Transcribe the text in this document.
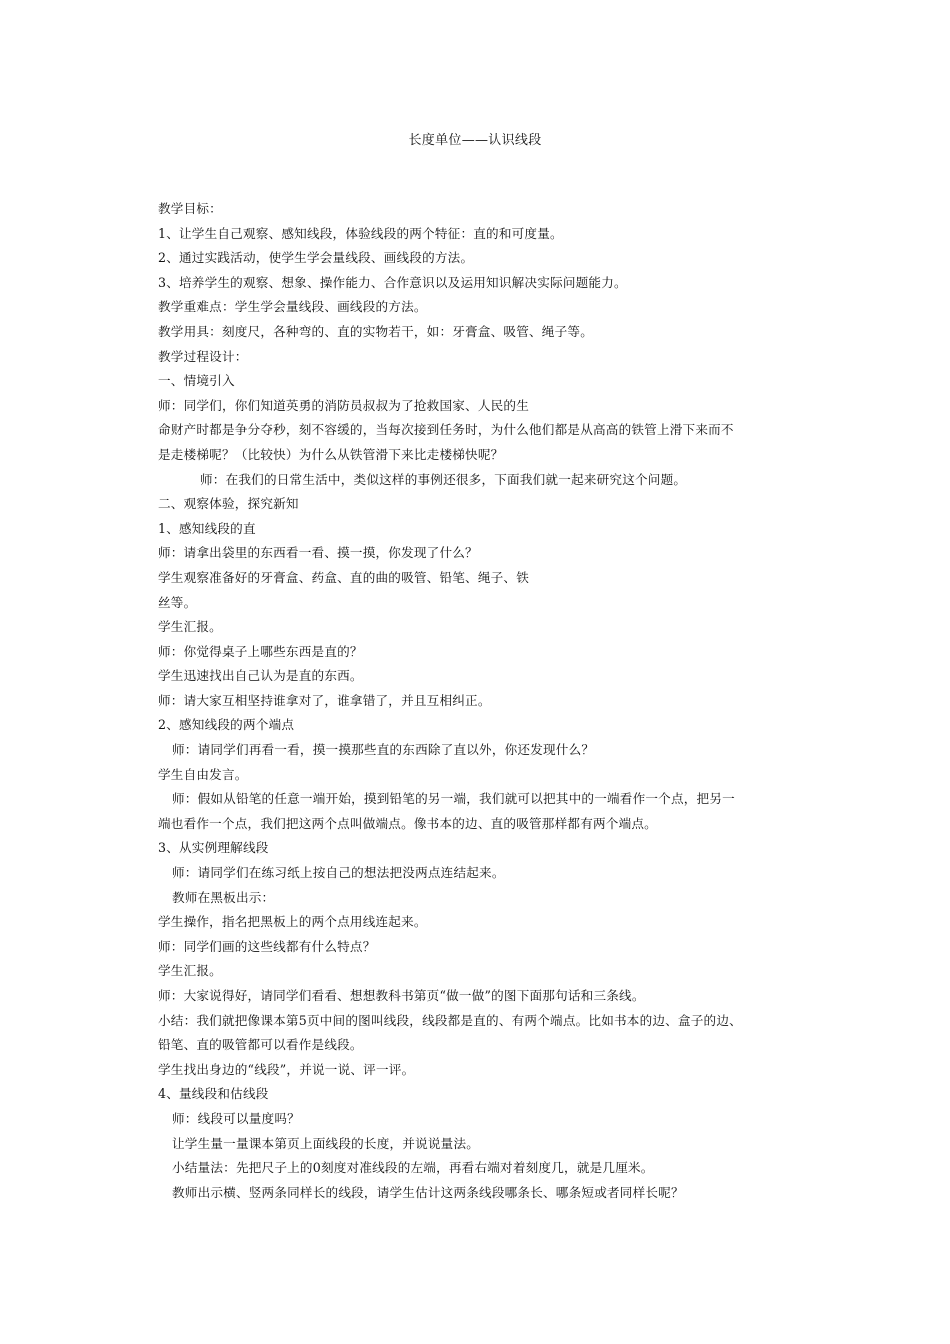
长度单位——认识线段
教学目标：
1、让学生自己观察、感知线段，体验线段的两个特征：直的和可度量。
2、通过实践活动，使学生学会量线段、画线段的方法。
3、培养学生的观察、想象、操作能力、合作意识以及运用知识解决实际问题能力。
教学重难点：学生学会量线段、画线段的方法。
教学用具：刻度尺，各种弯的、直的实物若干，如：牙膏盒、吸管、绳子等。
教学过程设计：
一、情境引入
师：同学们，你们知道英勇的消防员叔叔为了抢救国家、人民的生
命财产时都是争分夺秒，刻不容缓的，当每次接到任务时，为什么他们都是从高高的铁管上滑下来而不
是走楼梯呢？（比较快）为什么从铁管滑下来比走楼梯快呢？
师：在我们的日常生活中，类似这样的事例还很多，下面我们就一起来研究这个问题。
二、观察体验，探究新知
1、感知线段的直
师：请拿出袋里的东西看一看、摸一摸，你发现了什么？
学生观察准备好的牙膏盒、药盒、直的曲的吸管、铅笔、绳子、铁
丝等。
学生汇报。
师：你觉得桌子上哪些东西是直的？
学生迅速找出自己认为是直的东西。
师：请大家互相坚持谁拿对了，谁拿错了，并且互相纠正。
2、感知线段的两个端点
师：请同学们再看一看，摸一摸那些直的东西除了直以外，你还发现什么？
学生自由发言。
师：假如从铅笔的任意一端开始，摸到铅笔的另一端，我们就可以把其中的一端看作一个点，把另一
端也看作一个点，我们把这两个点叫做端点。像书本的边、直的吸管那样都有两个端点。
3、从实例理解线段
师：请同学们在练习纸上按自己的想法把没两点连结起来。
教师在黑板出示：
学生操作，指名把黑板上的两个点用线连起来。
师：同学们画的这些线都有什么特点？
学生汇报。
师：大家说得好，请同学们看看、想想教科书第页“做一做”的图下面那句话和三条线。
小结：我们就把像课本第5页中间的图叫线段，线段都是直的、有两个端点。比如书本的边、盒子的边、
铅笔、直的吸管都可以看作是线段。
学生找出身边的“线段”，并说一说、评一评。
4、量线段和估线段
师：线段可以量度吗？
让学生量一量课本第页上面线段的长度，并说说量法。
小结量法：先把尺子上的0刻度对准线段的左端，再看右端对着刻度几，就是几厘米。
教师出示横、竖两条同样长的线段，请学生估计这两条线段哪条长、哪条短或者同样长呢？
